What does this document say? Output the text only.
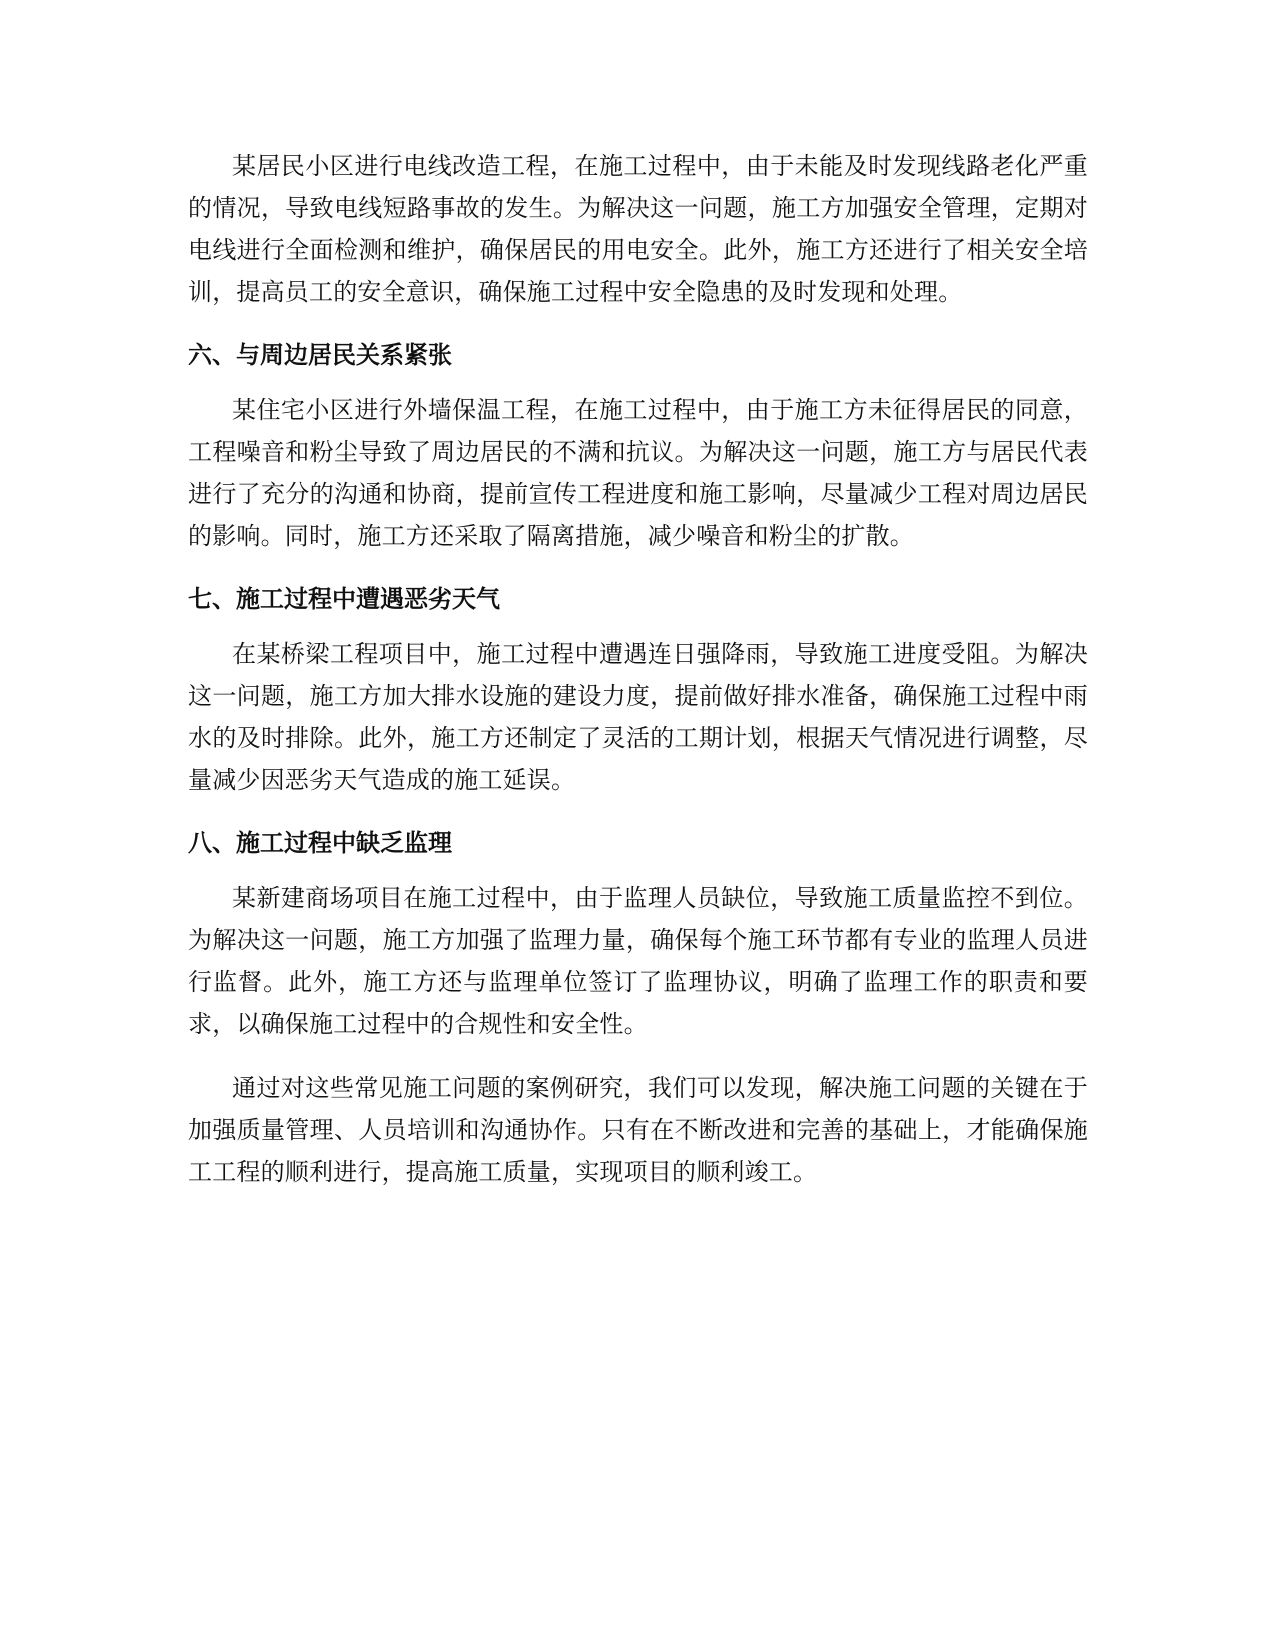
某居民小区进行电线改造工程，在施工过程中，由于未能及时发现线路老化严重的情况，导致电线短路事故的发生。为解决这一问题，施工方加强安全管理，定期对电线进行全面检测和维护，确保居民的用电安全。此外，施工方还进行了相关安全培训，提高员工的安全意识，确保施工过程中安全隐患的及时发现和处理。

六、与周边居民关系紧张

某住宅小区进行外墙保温工程，在施工过程中，由于施工方未征得居民的同意，工程噪音和粉尘导致了周边居民的不满和抗议。为解决这一问题，施工方与居民代表进行了充分的沟通和协商，提前宣传工程进度和施工影响，尽量减少工程对周边居民的影响。同时，施工方还采取了隔离措施，减少噪音和粉尘的扩散。

七、施工过程中遭遇恶劣天气

在某桥梁工程项目中，施工过程中遭遇连日强降雨，导致施工进度受阻。为解决这一问题，施工方加大排水设施的建设力度，提前做好排水准备，确保施工过程中雨水的及时排除。此外，施工方还制定了灵活的工期计划，根据天气情况进行调整，尽量减少因恶劣天气造成的施工延误。

八、施工过程中缺乏监理

某新建商场项目在施工过程中，由于监理人员缺位，导致施工质量监控不到位。为解决这一问题，施工方加强了监理力量，确保每个施工环节都有专业的监理人员进行监督。此外，施工方还与监理单位签订了监理协议，明确了监理工作的职责和要求，以确保施工过程中的合规性和安全性。

通过对这些常见施工问题的案例研究，我们可以发现，解决施工问题的关键在于加强质量管理、人员培训和沟通协作。只有在不断改进和完善的基础上，才能确保施工工程的顺利进行，提高施工质量，实现项目的顺利竣工。
